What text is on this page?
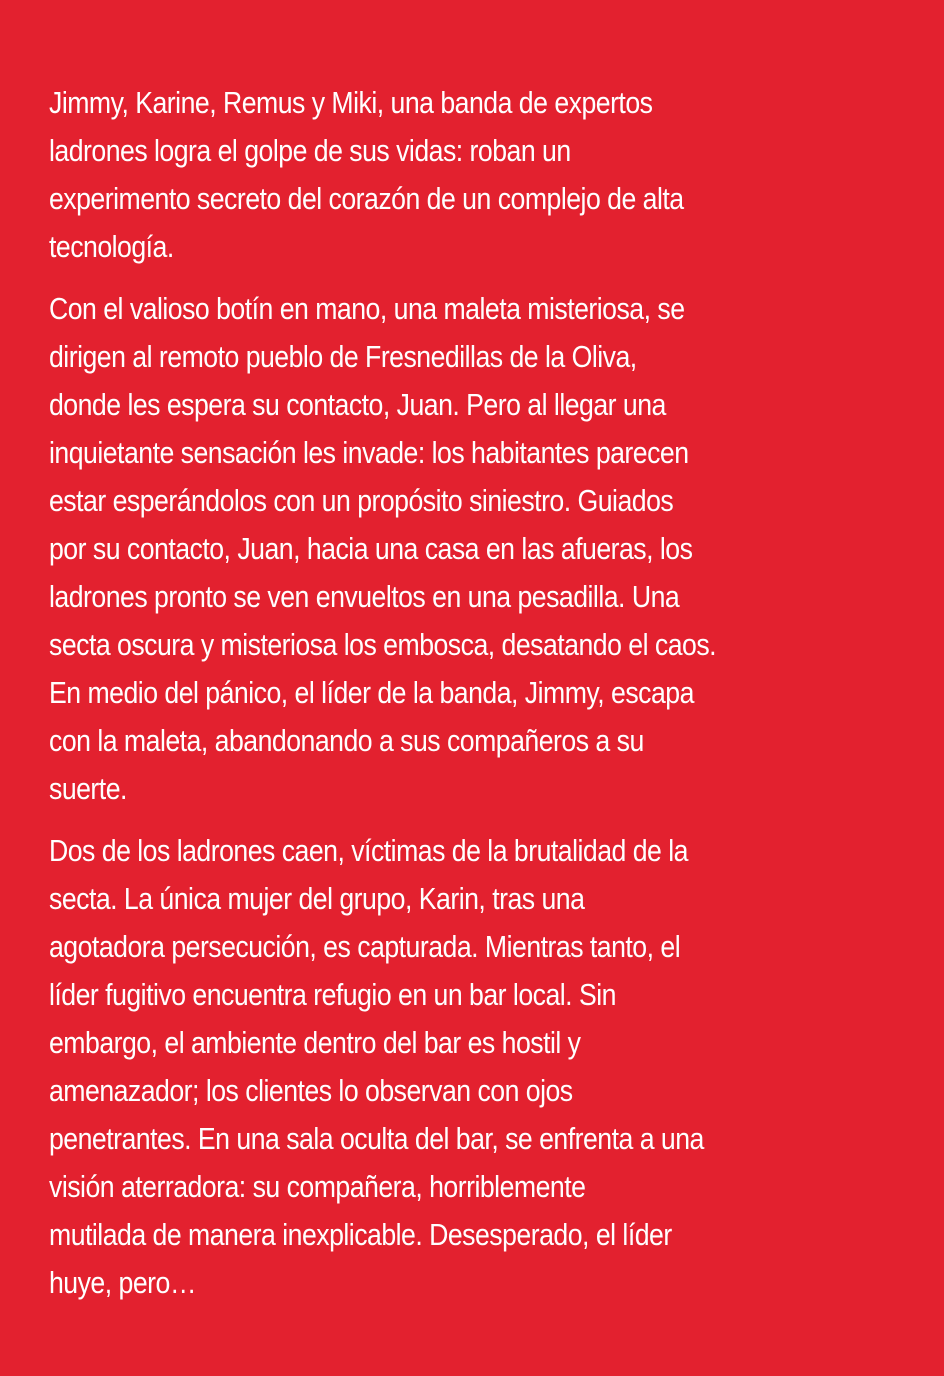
Jimmy, Karine, Remus y Miki, una banda de expertos
ladrones logra el golpe de sus vidas: roban un
experimento secreto del corazón de un complejo de alta
tecnología.

Con el valioso botín en mano, una maleta misteriosa, se
dirigen al remoto pueblo de Fresnedillas de la Oliva,
donde les espera su contacto, Juan. Pero al llegar una
inquietante sensación les invade: los habitantes parecen
estar esperándolos con un propósito siniestro. Guiados
por su contacto, Juan, hacia una casa en las afueras, los
ladrones pronto se ven envueltos en una pesadilla. Una
secta oscura y misteriosa los embosca, desatando el caos.
En medio del pánico, el líder de la banda, Jimmy, escapa
con la maleta, abandonando a sus compañeros a su
suerte.

Dos de los ladrones caen, víctimas de la brutalidad de la
secta. La única mujer del grupo, Karin, tras una
agotadora persecución, es capturada. Mientras tanto, el
líder fugitivo encuentra refugio en un bar local. Sin
embargo, el ambiente dentro del bar es hostil y
amenazador; los clientes lo observan con ojos
penetrantes. En una sala oculta del bar, se enfrenta a una
visión aterradora: su compañera, horriblemente
mutilada de manera inexplicable. Desesperado, el líder
huye, pero…
